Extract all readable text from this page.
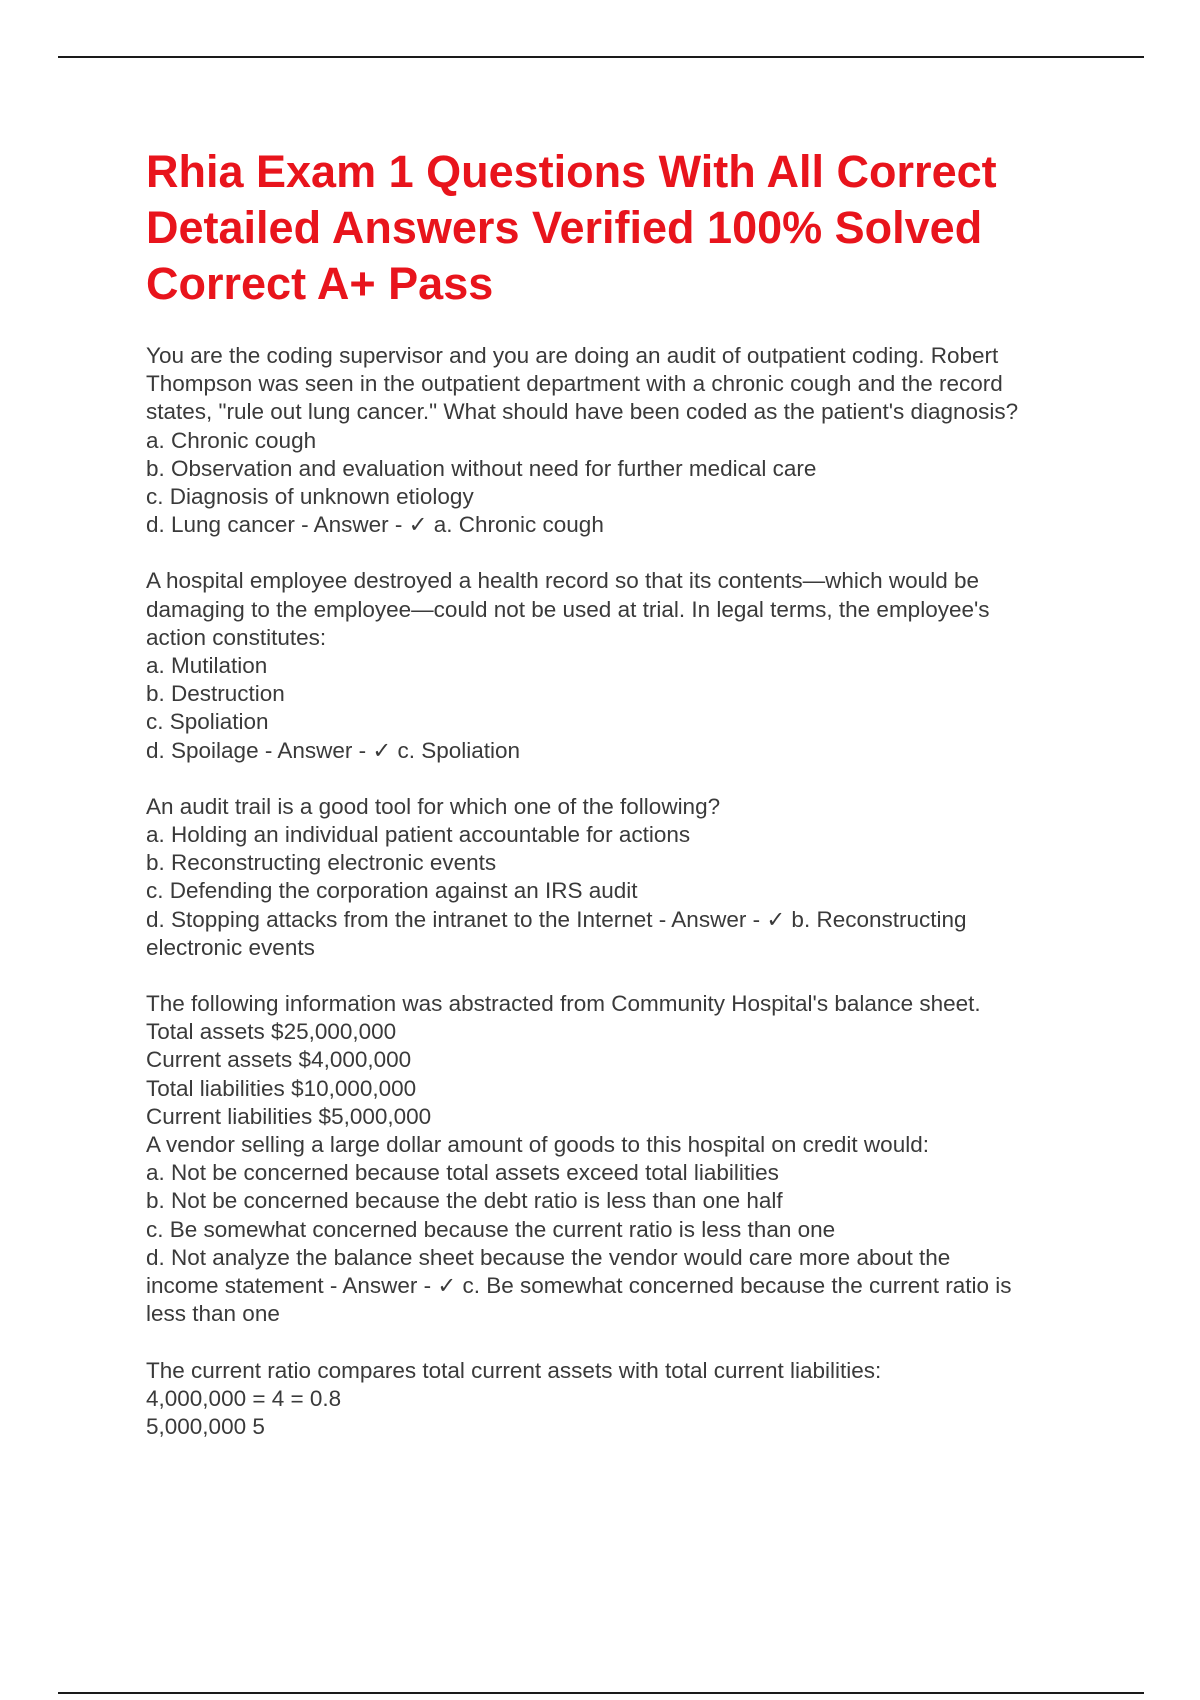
Rhia Exam 1 Questions With All Correct Detailed Answers Verified 100% Solved Correct A+ Pass
You are the coding supervisor and you are doing an audit of outpatient coding. Robert
Thompson was seen in the outpatient department with a chronic cough and the record
states, "rule out lung cancer." What should have been coded as the patient's diagnosis?
a. Chronic cough
b. Observation and evaluation without need for further medical care
c. Diagnosis of unknown etiology
d. Lung cancer - Answer - ✓ a. Chronic cough
A hospital employee destroyed a health record so that its contents—which would be
damaging to the employee—could not be used at trial. In legal terms, the employee's
action constitutes:
a. Mutilation
b. Destruction
c. Spoliation
d. Spoilage - Answer - ✓ c. Spoliation
An audit trail is a good tool for which one of the following?
a. Holding an individual patient accountable for actions
b. Reconstructing electronic events
c. Defending the corporation against an IRS audit
d. Stopping attacks from the intranet to the Internet - Answer - ✓ b. Reconstructing
electronic events
The following information was abstracted from Community Hospital's balance sheet.
Total assets $25,000,000
Current assets $4,000,000
Total liabilities $10,000,000
Current liabilities $5,000,000
A vendor selling a large dollar amount of goods to this hospital on credit would:
a. Not be concerned because total assets exceed total liabilities
b. Not be concerned because the debt ratio is less than one half
c. Be somewhat concerned because the current ratio is less than one
d. Not analyze the balance sheet because the vendor would care more about the
income statement - Answer - ✓ c. Be somewhat concerned because the current ratio is
less than one
The current ratio compares total current assets with total current liabilities:
4,000,000 = 4 = 0.8
5,000,000 5
